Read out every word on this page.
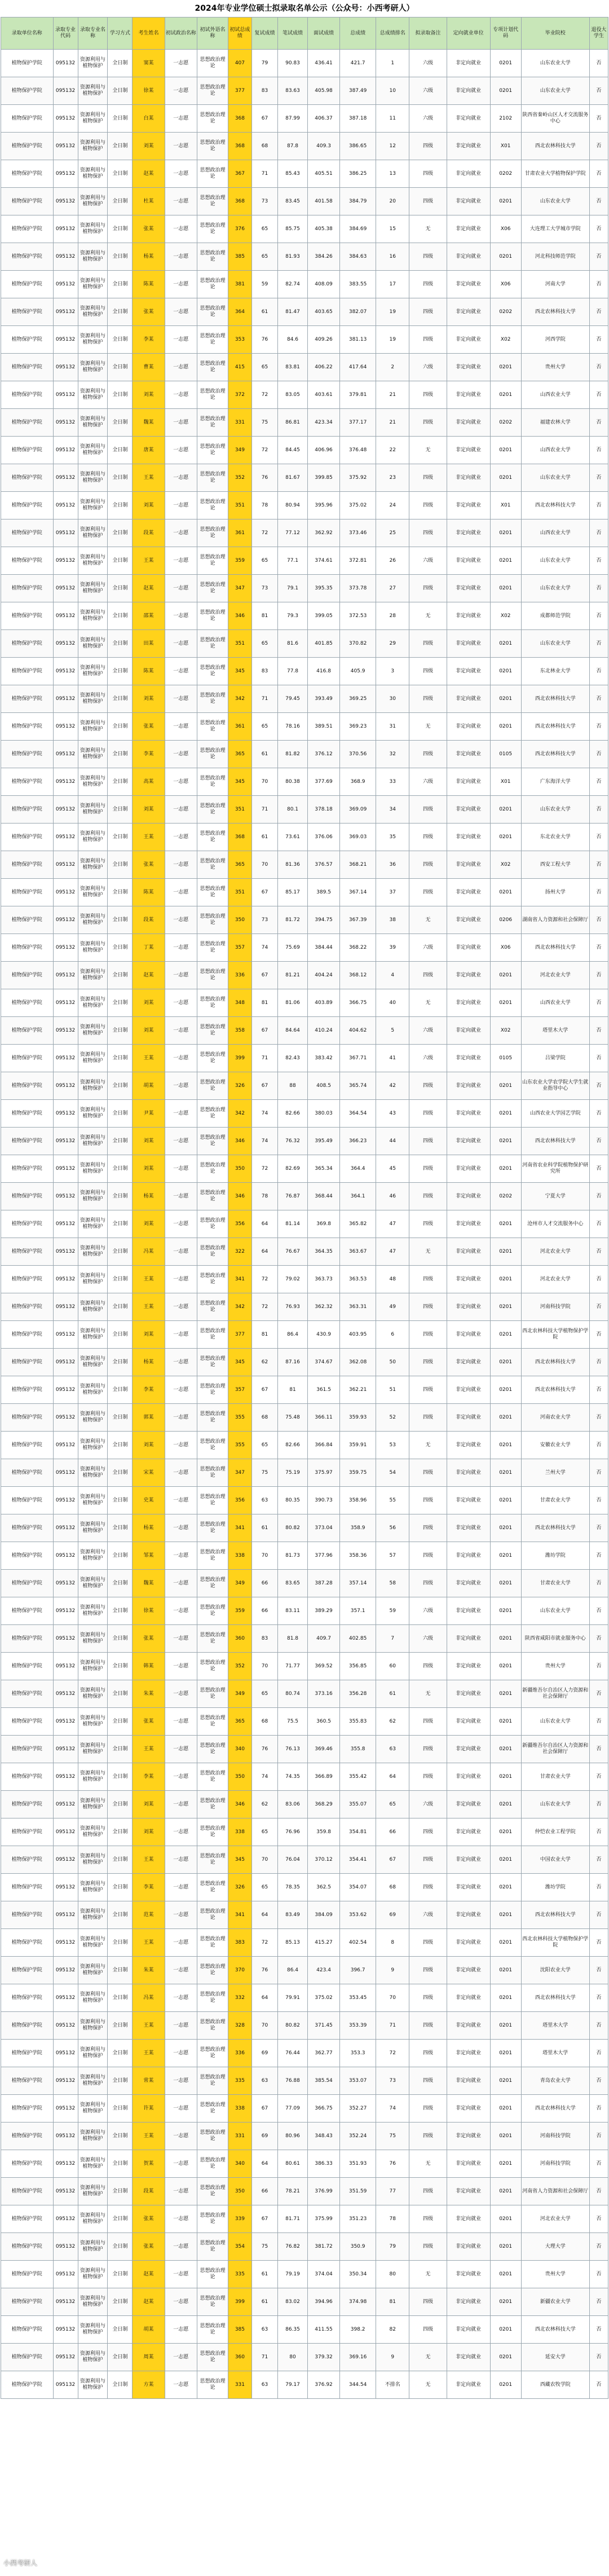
2024年专业学位硕士拟录取名单公示（公众号：小西考研人）
录取单位名称	录取专业代码	录取专业名称	学习方式	考生姓名	初试政治名称	初试外语名称	初试总成绩	复试成绩	笔试成绩	面试成绩	总成绩	总成绩排名	拟录取备注	定向就业单位	专项计划代码	毕业院校	退役大学生
植物保护学院	095132	资源利用与植物保护	全日制	窦某	一志愿	思想政治理论	407	79	90.83	436.41	421.7	1	六级	非定向就业	0201	山东农业大学	否
植物保护学院	095132	资源利用与植物保护	全日制	徐某	一志愿	思想政治理论	377	83	83.63	405.98	387.49	10	六级	非定向就业	0201	山东农业大学	否
植物保护学院	095132	资源利用与植物保护	全日制	白某	一志愿	思想政治理论	368	67	87.99	406.37	387.18	11	六级	非定向就业	2102	陕西省秦岭山区人才交流服务中心	否
植物保护学院	095132	资源利用与植物保护	全日制	刘某	一志愿	思想政治理论	368	68	87.8	409.3	386.65	12	四级	非定向就业	X01	西北农林科技大学	否
植物保护学院	095132	资源利用与植物保护	全日制	赵某	一志愿	思想政治理论	367	71	85.43	405.51	386.25	13	四级	非定向就业	0202	甘肃农业大学植物保护学院	否
植物保护学院	095132	资源利用与植物保护	全日制	杜某	一志愿	思想政治理论	368	73	83.45	401.58	384.79	20	四级	非定向就业	0201	山东农业大学	否
植物保护学院	095132	资源利用与植物保护	全日制	张某	一志愿	思想政治理论	376	65	85.75	405.38	384.69	15	无	非定向就业	X06	大连理工大学城市学院	否
植物保护学院	095132	资源利用与植物保护	全日制	杨某	一志愿	思想政治理论	385	65	81.93	384.26	384.63	16	四级	非定向就业	0201	河北科技师范学院	否
植物保护学院	095132	资源利用与植物保护	全日制	陈某	一志愿	思想政治理论	381	59	82.74	408.09	383.55	17	四级	非定向就业	X06	河南大学	否
植物保护学院	095132	资源利用与植物保护	全日制	张某	一志愿	思想政治理论	364	61	81.47	403.65	382.07	19	四级	非定向就业	0202	西北农林科技大学	否
植物保护学院	095132	资源利用与植物保护	全日制	李某	一志愿	思想政治理论	353	76	84.6	409.26	381.13	19	四级	非定向就业	X02	河西学院	否
植物保护学院	095132	资源利用与植物保护	全日制	曹某	一志愿	思想政治理论	415	65	83.81	406.22	417.64	2	六级	非定向就业	0201	贵州大学	否
植物保护学院	095132	资源利用与植物保护	全日制	刘某	一志愿	思想政治理论	372	72	83.05	403.61	379.81	21	四级	非定向就业	0201	山西农业大学	否
植物保护学院	095132	资源利用与植物保护	全日制	魏某	一志愿	思想政治理论	331	75	86.81	423.34	377.17	21	四级	非定向就业	0202	福建农林大学	否
植物保护学院	095132	资源利用与植物保护	全日制	唐某	一志愿	思想政治理论	349	72	84.45	406.96	376.48	22	无	非定向就业	0201	山西农业大学	否
植物保护学院	095132	资源利用与植物保护	全日制	王某	一志愿	思想政治理论	352	76	81.67	399.85	375.92	23	四级	非定向就业	0201	山东农业大学	否
植物保护学院	095132	资源利用与植物保护	全日制	刘某	一志愿	思想政治理论	351	78	80.94	395.96	375.02	24	四级	非定向就业	X01	西北农林科技大学	否
植物保护学院	095132	资源利用与植物保护	全日制	段某	一志愿	思想政治理论	361	72	77.12	362.92	373.46	25	四级	非定向就业	0201	山西农业大学	否
植物保护学院	095132	资源利用与植物保护	全日制	王某	一志愿	思想政治理论	359	65	77.1	374.61	372.81	26	六级	非定向就业	0201	山东农业大学	否
植物保护学院	095132	资源利用与植物保护	全日制	赵某	一志愿	思想政治理论	347	73	79.1	395.35	373.78	27	四级	非定向就业	0201	山东农业大学	否
植物保护学院	095132	资源利用与植物保护	全日制	邵某	一志愿	思想政治理论	346	81	79.3	399.05	372.53	28	无	非定向就业	X02	成都师范学院	否
植物保护学院	095132	资源利用与植物保护	全日制	田某	一志愿	思想政治理论	351	65	81.6	401.85	370.82	29	四级	非定向就业	0201	山东农业大学	否
植物保护学院	095132	资源利用与植物保护	全日制	陈某	一志愿	思想政治理论	345	83	77.8	416.8	405.9	3	四级	非定向就业	0201	东北林业大学	否
植物保护学院	095132	资源利用与植物保护	全日制	刘某	一志愿	思想政治理论	342	71	79.45	393.49	369.25	30	四级	非定向就业	0201	西北农林科技大学	否
植物保护学院	095132	资源利用与植物保护	全日制	张某	一志愿	思想政治理论	361	65	78.16	389.51	369.23	31	无	非定向就业	0201	西北农林科技大学	否
植物保护学院	095132	资源利用与植物保护	全日制	李某	一志愿	思想政治理论	365	61	81.82	376.12	370.56	32	四级	非定向就业	0105	西北农林科技大学	否
植物保护学院	095132	资源利用与植物保护	全日制	高某	一志愿	思想政治理论	345	70	80.38	377.69	368.9	33	六级	非定向就业	X01	广东海洋大学	否
植物保护学院	095132	资源利用与植物保护	全日制	刘某	一志愿	思想政治理论	351	71	80.1	378.18	369.09	34	四级	非定向就业	0201	山东农业大学	否
植物保护学院	095132	资源利用与植物保护	全日制	王某	一志愿	思想政治理论	368	61	73.61	376.06	369.03	35	四级	非定向就业	0201	东北农业大学	否
植物保护学院	095132	资源利用与植物保护	全日制	张某	一志愿	思想政治理论	365	70	81.36	376.57	368.21	36	四级	非定向就业	X02	西安工程大学	否
植物保护学院	095132	资源利用与植物保护	全日制	陈某	一志愿	思想政治理论	351	67	85.17	389.5	367.14	37	四级	非定向就业	0201	扬州大学	否
植物保护学院	095132	资源利用与植物保护	全日制	段某	一志愿	思想政治理论	350	73	81.72	394.75	367.39	38	无	非定向就业	0206	湖南省人力资源和社会保障厅	否
植物保护学院	095132	资源利用与植物保护	全日制	丁某	一志愿	思想政治理论	357	74	75.69	384.44	368.22	39	六级	非定向就业	X06	西北农林科技大学	否
植物保护学院	095132	资源利用与植物保护	全日制	赵某	一志愿	思想政治理论	336	67	81.21	404.24	368.12	4	四级	非定向就业	0201	河北农业大学	否
植物保护学院	095132	资源利用与植物保护	全日制	刘某	一志愿	思想政治理论	348	81	81.06	403.89	366.75	40	无	非定向就业	0201	山西农业大学	否
植物保护学院	095132	资源利用与植物保护	全日制	刘某	一志愿	思想政治理论	358	67	84.64	410.24	404.62	5	六级	非定向就业	X02	塔里木大学	否
植物保护学院	095132	资源利用与植物保护	全日制	王某	一志愿	思想政治理论	399	71	82.43	383.42	367.71	41	六级	非定向就业	0105	吕梁学院	否
植物保护学院	095132	资源利用与植物保护	全日制	胡某	一志愿	思想政治理论	326	67	88	408.5	365.74	42	四级	非定向就业	0201	山东农业大学农学院大学生就业指导中心	否
植物保护学院	095132	资源利用与植物保护	全日制	尹某	一志愿	思想政治理论	342	74	82.66	380.03	364.54	43	四级	非定向就业	0201	山西农业大学园艺学院	否
植物保护学院	095132	资源利用与植物保护	全日制	刘某	一志愿	思想政治理论	346	74	76.32	395.49	366.23	44	四级	非定向就业	0201	西北农林科技大学	否
植物保护学院	095132	资源利用与植物保护	全日制	刘某	一志愿	思想政治理论	350	72	82.69	365.34	364.4	45	四级	非定向就业	0201	河南省农业科学院植物保护研究所	否
植物保护学院	095132	资源利用与植物保护	全日制	杨某	一志愿	思想政治理论	346	78	76.87	368.44	364.1	46	四级	非定向就业	0202	宁夏大学	否
植物保护学院	095132	资源利用与植物保护	全日制	刘某	一志愿	思想政治理论	356	64	81.14	369.8	365.82	47	四级	非定向就业	0201	沧州市人才交流服务中心	否
植物保护学院	095132	资源利用与植物保护	全日制	冯某	一志愿	思想政治理论	322	64	76.67	364.35	363.67	47	无	非定向就业	0201	河北农业大学	否
植物保护学院	095132	资源利用与植物保护	全日制	王某	一志愿	思想政治理论	341	72	79.02	363.73	363.53	48	四级	非定向就业	0201	河北农业大学	否
植物保护学院	095132	资源利用与植物保护	全日制	王某	一志愿	思想政治理论	342	72	76.93	362.32	363.31	49	四级	非定向就业	0201	河南科技学院	否
植物保护学院	095132	资源利用与植物保护	全日制	刘某	一志愿	思想政治理论	377	81	86.4	430.9	403.95	6	四级	非定向就业	0201	西北农林科技大学植物保护学院	否
植物保护学院	095132	资源利用与植物保护	全日制	杨某	一志愿	思想政治理论	345	62	87.16	374.67	362.08	50	四级	非定向就业	0201	西北农林科技大学	否
植物保护学院	095132	资源利用与植物保护	全日制	李某	一志愿	思想政治理论	357	67	81	361.5	362.21	51	四级	非定向就业	0201	西北农林科技大学	否
植物保护学院	095132	资源利用与植物保护	全日制	郭某	一志愿	思想政治理论	355	68	75.48	366.11	359.93	52	四级	非定向就业	0201	河南农业大学	否
植物保护学院	095132	资源利用与植物保护	全日制	刘某	一志愿	思想政治理论	355	65	82.66	366.84	359.91	53	无	非定向就业	0201	安徽农业大学	否
植物保护学院	095132	资源利用与植物保护	全日制	宋某	一志愿	思想政治理论	347	75	75.19	375.97	359.75	54	四级	非定向就业	0201	兰州大学	否
植物保护学院	095132	资源利用与植物保护	全日制	史某	一志愿	思想政治理论	356	63	80.35	390.73	358.96	55	四级	非定向就业	0201	甘肃农业大学	否
植物保护学院	095132	资源利用与植物保护	全日制	杨某	一志愿	思想政治理论	341	61	80.82	373.04	358.9	56	四级	非定向就业	0201	西北农林科技大学	否
植物保护学院	095132	资源利用与植物保护	全日制	邹某	一志愿	思想政治理论	338	70	81.73	377.96	358.36	57	四级	非定向就业	0201	潍坊学院	否
植物保护学院	095132	资源利用与植物保护	全日制	魏某	一志愿	思想政治理论	349	66	83.65	387.28	357.14	58	四级	非定向就业	0201	甘肃农业大学	否
植物保护学院	095132	资源利用与植物保护	全日制	徐某	一志愿	思想政治理论	359	66	83.11	389.29	357.1	59	六级	非定向就业	0201	山东农业大学	否
植物保护学院	095132	资源利用与植物保护	全日制	张某	一志愿	思想政治理论	360	83	81.8	409.7	402.85	7	六级	非定向就业	0201	陕西省咸阳市就业服务中心	否
植物保护学院	095132	资源利用与植物保护	全日制	韩某	一志愿	思想政治理论	352	70	71.77	369.52	356.85	60	四级	非定向就业	0201	贵州大学	否
植物保护学院	095132	资源利用与植物保护	全日制	朱某	一志愿	思想政治理论	349	65	80.74	373.16	356.28	61	无	非定向就业	0201	新疆维吾尔自治区人力资源和社会保障厅	否
植物保护学院	095132	资源利用与植物保护	全日制	张某	一志愿	思想政治理论	365	68	75.5	360.5	355.83	62	四级	非定向就业	0201	山东农业大学	否
植物保护学院	095132	资源利用与植物保护	全日制	王某	一志愿	思想政治理论	340	76	76.13	369.46	355.8	63	四级	非定向就业	0201	新疆维吾尔自治区人力资源和社会保障厅	否
植物保护学院	095132	资源利用与植物保护	全日制	李某	一志愿	思想政治理论	350	74	74.35	366.89	355.42	64	四级	非定向就业	0201	甘肃农业大学	否
植物保护学院	095132	资源利用与植物保护	全日制	刘某	一志愿	思想政治理论	346	62	83.06	368.29	355.07	65	六级	非定向就业	0201	山东农业大学	否
植物保护学院	095132	资源利用与植物保护	全日制	刘某	一志愿	思想政治理论	338	65	76.96	359.8	354.81	66	四级	非定向就业	0201	仲恺农业工程学院	否
植物保护学院	095132	资源利用与植物保护	全日制	王某	一志愿	思想政治理论	345	70	76.04	370.12	354.41	67	四级	非定向就业	0201	中国农业大学	否
植物保护学院	095132	资源利用与植物保护	全日制	李某	一志愿	思想政治理论	326	65	78.35	362.5	354.07	68	四级	非定向就业	0201	潍坊学院	否
植物保护学院	095132	资源利用与植物保护	全日制	范某	一志愿	思想政治理论	341	64	83.49	384.09	353.62	69	六级	非定向就业	0201	西北农林科技大学	否
植物保护学院	095132	资源利用与植物保护	全日制	王某	一志愿	思想政治理论	383	72	85.13	415.27	402.54	8	四级	非定向就业	0201	西北农林科技大学植物保护学院	否
植物保护学院	095132	资源利用与植物保护	全日制	朱某	一志愿	思想政治理论	370	76	86.4	423.4	396.7	9	四级	非定向就业	0201	沈阳农业大学	否
植物保护学院	095132	资源利用与植物保护	全日制	冯某	一志愿	思想政治理论	332	64	79.91	375.02	353.45	70	四级	非定向就业	0201	西北农林科技大学	否
植物保护学院	095132	资源利用与植物保护	全日制	王某	一志愿	思想政治理论	328	70	80.82	371.45	353.39	71	四级	非定向就业	0201	塔里木大学	否
植物保护学院	095132	资源利用与植物保护	全日制	王某	一志愿	思想政治理论	336	69	76.44	362.77	353.3	72	四级	非定向就业	0201	塔里木大学	否
植物保护学院	095132	资源利用与植物保护	全日制	常某	一志愿	思想政治理论	335	63	76.88	385.54	353.07	73	四级	非定向就业	0201	青岛农业大学	否
植物保护学院	095132	资源利用与植物保护	全日制	许某	一志愿	思想政治理论	338	67	77.09	366.75	352.27	74	四级	非定向就业	0201	西北农林科技大学	否
植物保护学院	095132	资源利用与植物保护	全日制	王某	一志愿	思想政治理论	331	69	80.96	348.43	352.24	75	四级	非定向就业	0201	河南科技学院	否
植物保护学院	095132	资源利用与植物保护	全日制	贺某	一志愿	思想政治理论	340	64	80.61	386.33	351.93	76	无	非定向就业	0201	河南科技学院	否
植物保护学院	095132	资源利用与植物保护	全日制	段某	一志愿	思想政治理论	350	66	78.21	376.99	351.59	77	四级	非定向就业	0201	河南省人力资源和社会保障厅	否
植物保护学院	095132	资源利用与植物保护	全日制	张某	一志愿	思想政治理论	339	67	81.71	375.99	351.23	78	四级	非定向就业	0201	河北农业大学	否
植物保护学院	095132	资源利用与植物保护	全日制	张某	一志愿	思想政治理论	354	75	76.82	381.72	350.9	79	四级	非定向就业	0201	大理大学	否
植物保护学院	095132	资源利用与植物保护	全日制	赵某	一志愿	思想政治理论	335	61	79.19	374.04	350.34	80	无	非定向就业	0201	贵州大学	否
植物保护学院	095132	资源利用与植物保护	全日制	赵某	一志愿	思想政治理论	399	61	83.02	394.96	374.98	81	四级	非定向就业	0201	新疆农业大学	否
植物保护学院	095132	资源利用与植物保护	全日制	胡某	一志愿	思想政治理论	385	63	86.35	411.55	398.2	82	四级	非定向就业	0201	西北农林科技大学	否
植物保护学院	095132	资源利用与植物保护	全日制	周某	一志愿	思想政治理论	360	71	80	379.32	369.16	9	无	非定向就业	0201	延安大学	否
植物保护学院	095132	资源利用与植物保护	全日制	方某	一志愿	思想政治理论	331	63	79.17	376.92	344.54	不排名	无	非定向就业	0201	西藏农牧学院	否
小西考研人
